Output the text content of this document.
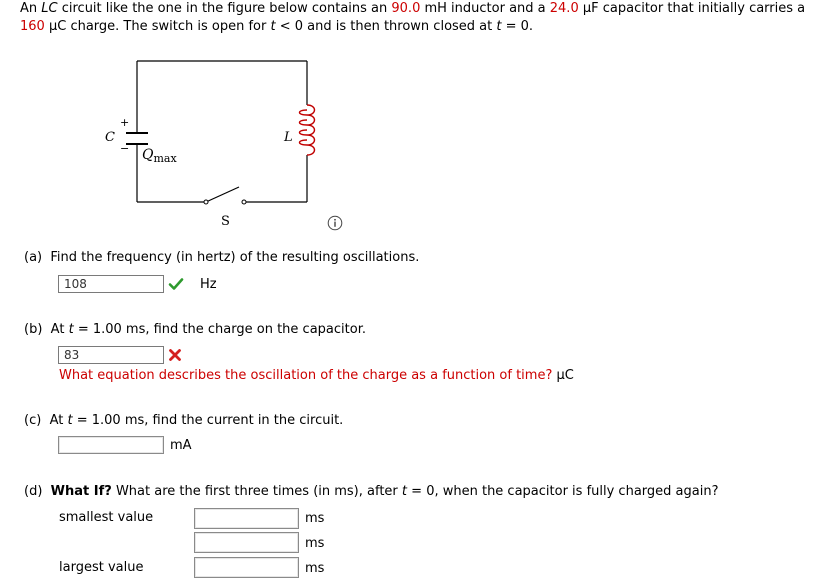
An LC circuit like the one in the figure below contains an 90.0 mH inductor and a 24.0 µF capacitor that initially carries a
160 µC charge. The switch is open for t < 0 and is then thrown closed at t = 0.
C
+
− $Q_{max}$
L
S
(a) Find the frequency (in hertz) of the resulting oscillations.
108	Hz
(b) At t = 1.00 ms, find the charge on the capacitor.
83
What equation describes the oscillation of the charge as a function of time? µC
(c) At t = 1.00 ms, find the current in the circuit.
mA
(d) What If? What are the first three times (in ms), after t = 0, when the capacitor is fully charged again?
smallest value	ms
ms
largest value	ms
